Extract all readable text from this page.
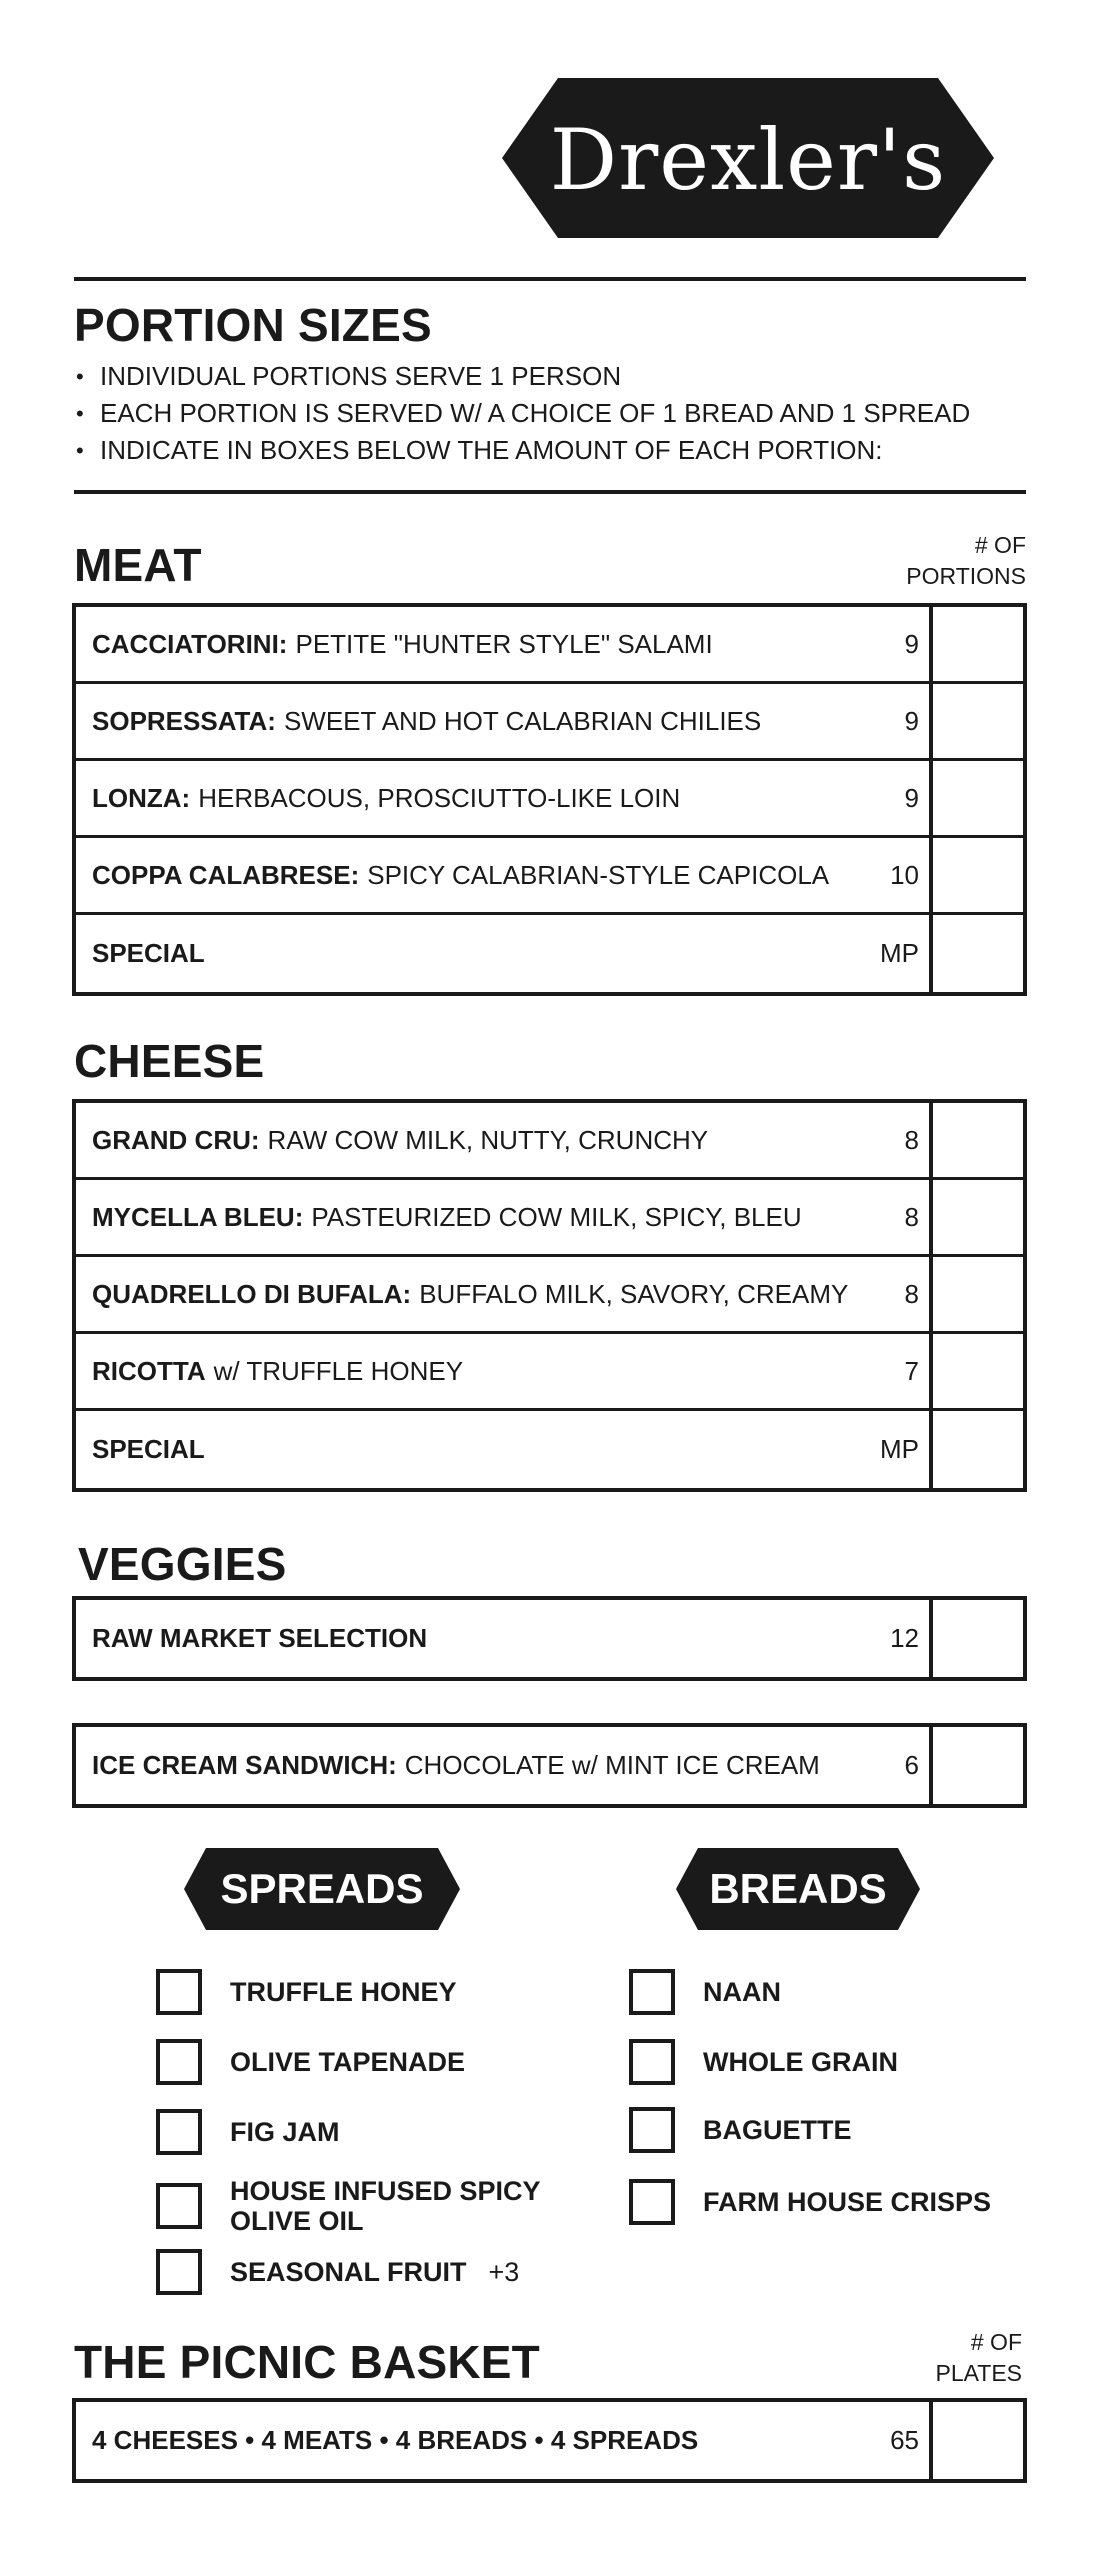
Drexler's
PORTION SIZES
• INDIVIDUAL PORTIONS SERVE 1 PERSON
• EACH PORTION IS SERVED W/ A CHOICE OF 1 BREAD AND 1 SPREAD
• INDICATE IN BOXES BELOW THE AMOUNT OF EACH PORTION:
MEAT	# OF
PORTIONS
CACCIATORINI: PETITE "HUNTER STYLE" SALAMI	9
SOPRESSATA: SWEET AND HOT CALABRIAN CHILIES	9
LONZA: HERBACOUS, PROSCIUTTO-LIKE LOIN	9
COPPA CALABRESE: SPICY CALABRIAN-STYLE CAPICOLA	10
SPECIAL	MP
CHEESE
GRAND CRU: RAW COW MILK, NUTTY, CRUNCHY	8
MYCELLA BLEU: PASTEURIZED COW MILK, SPICY, BLEU	8
QUADRELLO DI BUFALA: BUFFALO MILK, SAVORY, CREAMY	8
RICOTTA w/ TRUFFLE HONEY	7
SPECIAL	MP
VEGGIES
RAW MARKET SELECTION	12
ICE CREAM SANDWICH: CHOCOLATE w/ MINT ICE CREAM	6
SPREADS	BREADS
TRUFFLE HONEY
OLIVE TAPENADE
FIG JAM
HOUSE INFUSED SPICY
OLIVE OIL
SEASONAL FRUIT +3
NAAN
WHOLE GRAIN
BAGUETTE
FARM HOUSE CRISPS
THE PICNIC BASKET	# OF
PLATES
4 CHEESES • 4 MEATS • 4 BREADS • 4 SPREADS	65
